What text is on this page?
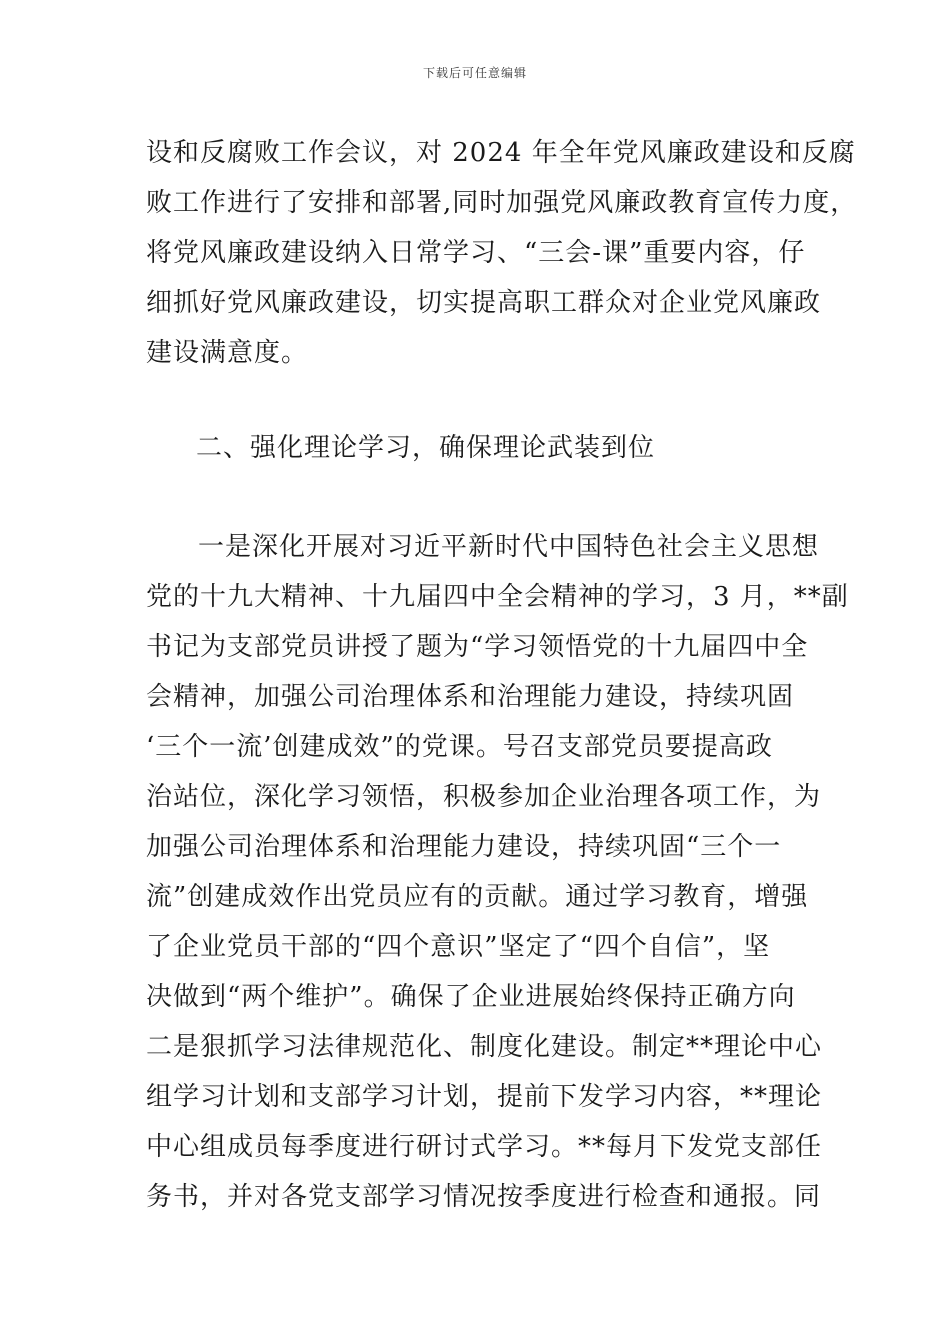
下载后可任意编辑
设和反腐败工作会议，对 2024 年全年党风廉政建设和反腐
败工作进行了安排和部署,同时加强党风廉政教育宣传力度，
将党风廉政建设纳入日常学习、“三会-课”重要内容，仔
细抓好党风廉政建设，切实提高职工群众对企业党风廉政
建设满意度。
二、强化理论学习，确保理论武装到位
一是深化开展对习近平新时代中国特色社会主义思想
党的十九大精神、十九届四中全会精神的学习，3 月，**副
书记为支部党员讲授了题为“学习领悟党的十九届四中全
会精神，加强公司治理体系和治理能力建设，持续巩固
‘三个一流’创建成效”的党课。号召支部党员要提高政
治站位，深化学习领悟，积极参加企业治理各项工作，为
加强公司治理体系和治理能力建设，持续巩固“三个一
流”创建成效作出党员应有的贡献。通过学习教育，增强
了企业党员干部的“四个意识”坚定了“四个自信”，坚
决做到“两个维护”。确保了企业进展始终保持正确方向
二是狠抓学习法律规范化、制度化建设。制定**理论中心
组学习计划和支部学习计划，提前下发学习内容，**理论
中心组成员每季度进行研讨式学习。**每月下发党支部任
务书，并对各党支部学习情况按季度进行检查和通报。同
